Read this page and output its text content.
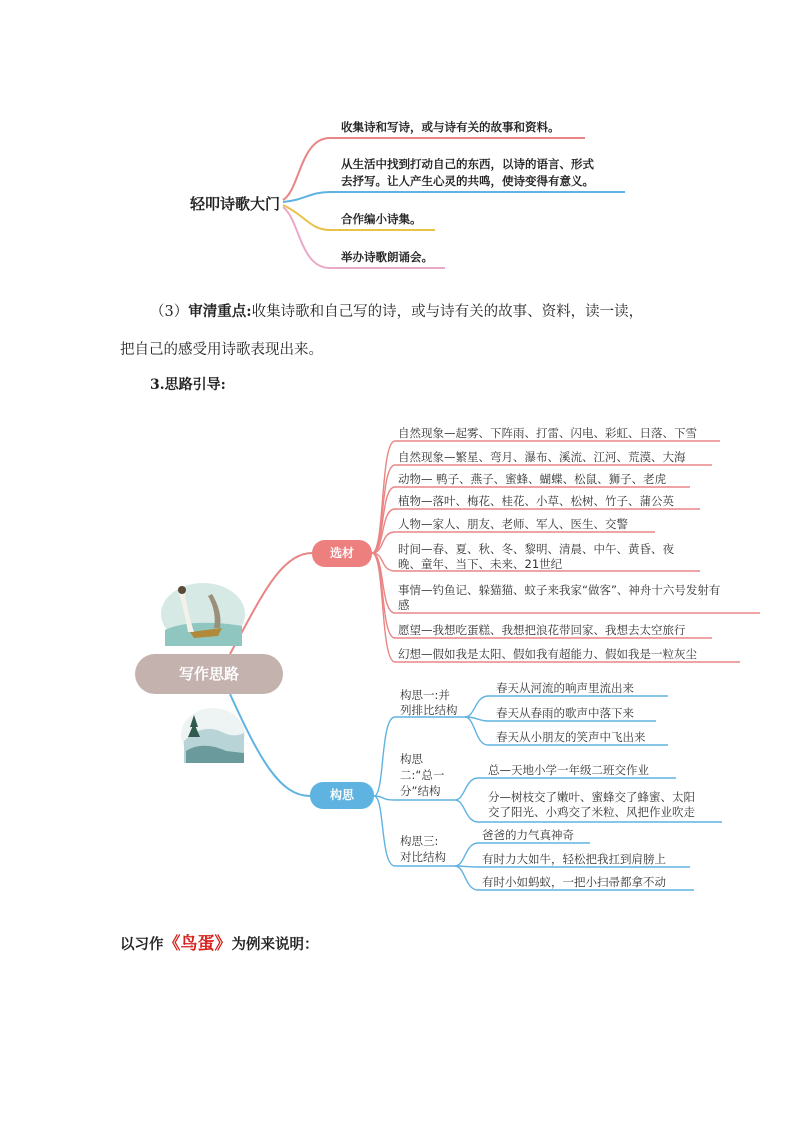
轻叩诗歌大门
收集诗和写诗，或与诗有关的故事和资料。
从生活中找到打动自己的东西，以诗的语言、形式
去抒写。让人产生心灵的共鸣，使诗变得有意义。
合作编小诗集。
举办诗歌朗诵会。
（3）审清重点:收集诗歌和自己写的诗，或与诗有关的故事、资料，读一读，
把自己的感受用诗歌表现出来。
3.思路引导:
写作思路
选材
构思
自然现象—起雾、下阵雨、打雷、闪电、彩虹、日落、下雪
自然现象—繁星、弯月、瀑布、溪流、江河、荒漠、大海
动物— 鸭子、燕子、蜜蜂、蝴蝶、松鼠、狮子、老虎
植物—落叶、梅花、桂花、小草、松树、竹子、蒲公英
人物—家人、朋友、老师、军人、医生、交警
时间—春、夏、秋、冬、黎明、清晨、中午、黄昏、夜
晚、童年、当下、未来、21世纪
事情—钓鱼记、躲猫猫、蚊子来我家“做客”、神舟十六号发射有
感
愿望—我想吃蛋糕、我想把浪花带回家、我想去太空旅行
幻想—假如我是太阳、假如我有超能力、假如我是一粒灰尘
构思一:并
列排比结构
春天从河流的响声里流出来
春天从春雨的歌声中落下来
春天从小朋友的笑声中飞出来
构思
二:“总一
分”结构
总—天地小学一年级二班交作业
分—树枝交了嫩叶、蜜蜂交了蜂蜜、太阳
交了阳光、小鸡交了米粒、风把作业吹走
构思三:
对比结构
爸爸的力气真神奇
有时力大如牛，轻松把我扛到肩膀上
有时小如蚂蚁，一把小扫帚都拿不动
以习作《鸟蛋》为例来说明：
